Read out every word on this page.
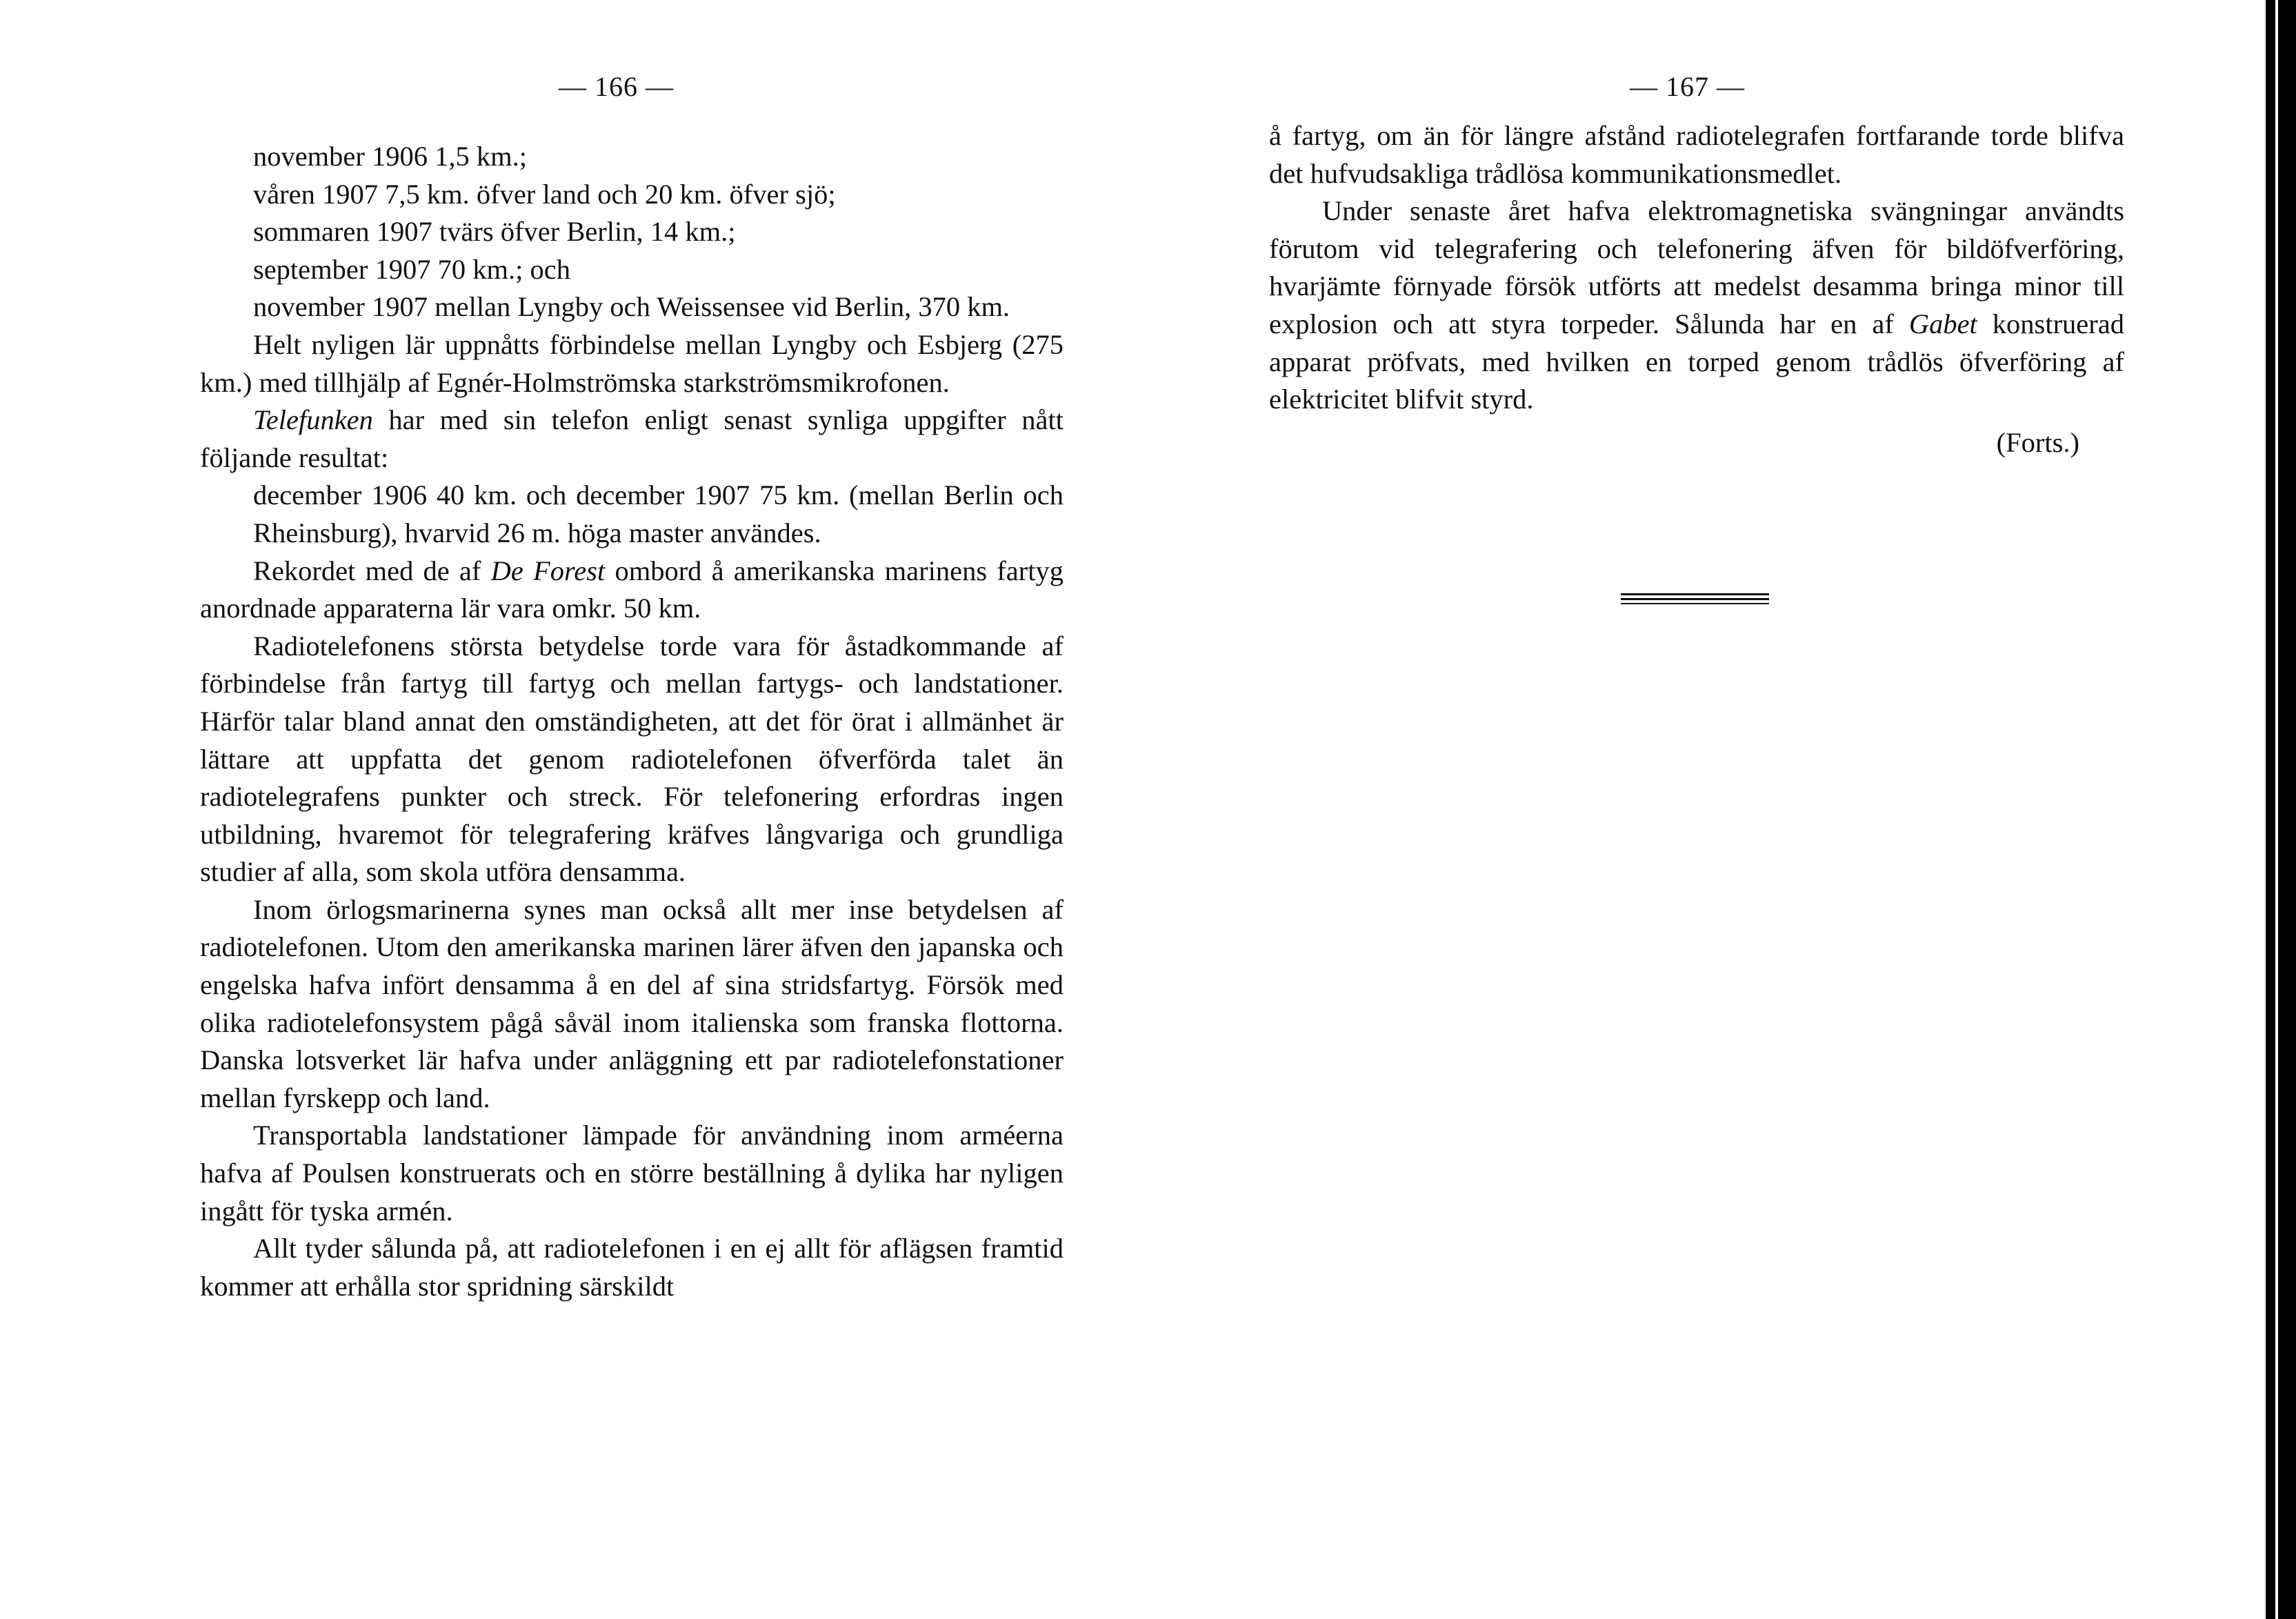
— 166 —

november 1906 1,5 km.;

våren 1907 7,5 km. öfver land och 20 km. öfver sjö;

sommaren 1907 tvärs öfver Berlin, 14 km.;

september 1907 70 km.; och

november 1907 mellan Lyngby och Weissensee vid Berlin, 370 km.

Helt nyligen lär uppnåtts förbindelse mellan Lyngby och Esbjerg (275 km.) med tillhjälp af Egnér-Holmströmska starkströmsmikrofonen.

Telefunken har med sin telefon enligt senast synliga uppgifter nått följande resultat:

december 1906 40 km. och december 1907 75 km. (mellan Berlin och Rheinsburg), hvarvid 26 m. höga master användes.

Rekordet med de af De Forest ombord å amerikanska marinens fartyg anordnade apparaterna lär vara omkr. 50 km.

Radiotelefonens största betydelse torde vara för åstadkommande af förbindelse från fartyg till fartyg och mellan fartygs- och landstationer. Härför talar bland annat den omständigheten, att det för örat i allmänhet är lättare att uppfatta det genom radiotelefonen öfverförda talet än radiotelegrafens punkter och streck. För telefonering erfordras ingen utbildning, hvaremot för telegrafering kräfves långvariga och grundliga studier af alla, som skola utföra densamma.

Inom örlogsmarinerna synes man också allt mer inse betydelsen af radiotelefonen. Utom den amerikanska marinen lärer äfven den japanska och engelska hafva infört densamma å en del af sina stridsfartyg. Försök med olika radiotelefonsystem pågå såväl inom italienska som franska flottorna. Danska lotsverket lär hafva under anläggning ett par radiotelefonstationer mellan fyrskepp och land.

Transportabla landstationer lämpade för användning inom arméerna hafva af Poulsen konstruerats och en större beställning å dylika har nyligen ingått för tyska armén.

Allt tyder sålunda på, att radiotelefonen i en ej allt för aflägsen framtid kommer att erhålla stor spridning särskildt

— 167 —

å fartyg, om än för längre afstånd radiotelegrafen fortfarande torde blifva det hufvudsakliga trådlösa kommunikationsmedlet.

Under senaste året hafva elektromagnetiska svängningar användts förutom vid telegrafering och telefonering äfven för bildöfverföring, hvarjämte förnyade försök utförts att medelst desamma bringa minor till explosion och att styra torpeder. Sålunda har en af Gabet konstruerad apparat pröfvats, med hvilken en torped genom trådlös öfverföring af elektricitet blifvit styrd.

(Forts.)
